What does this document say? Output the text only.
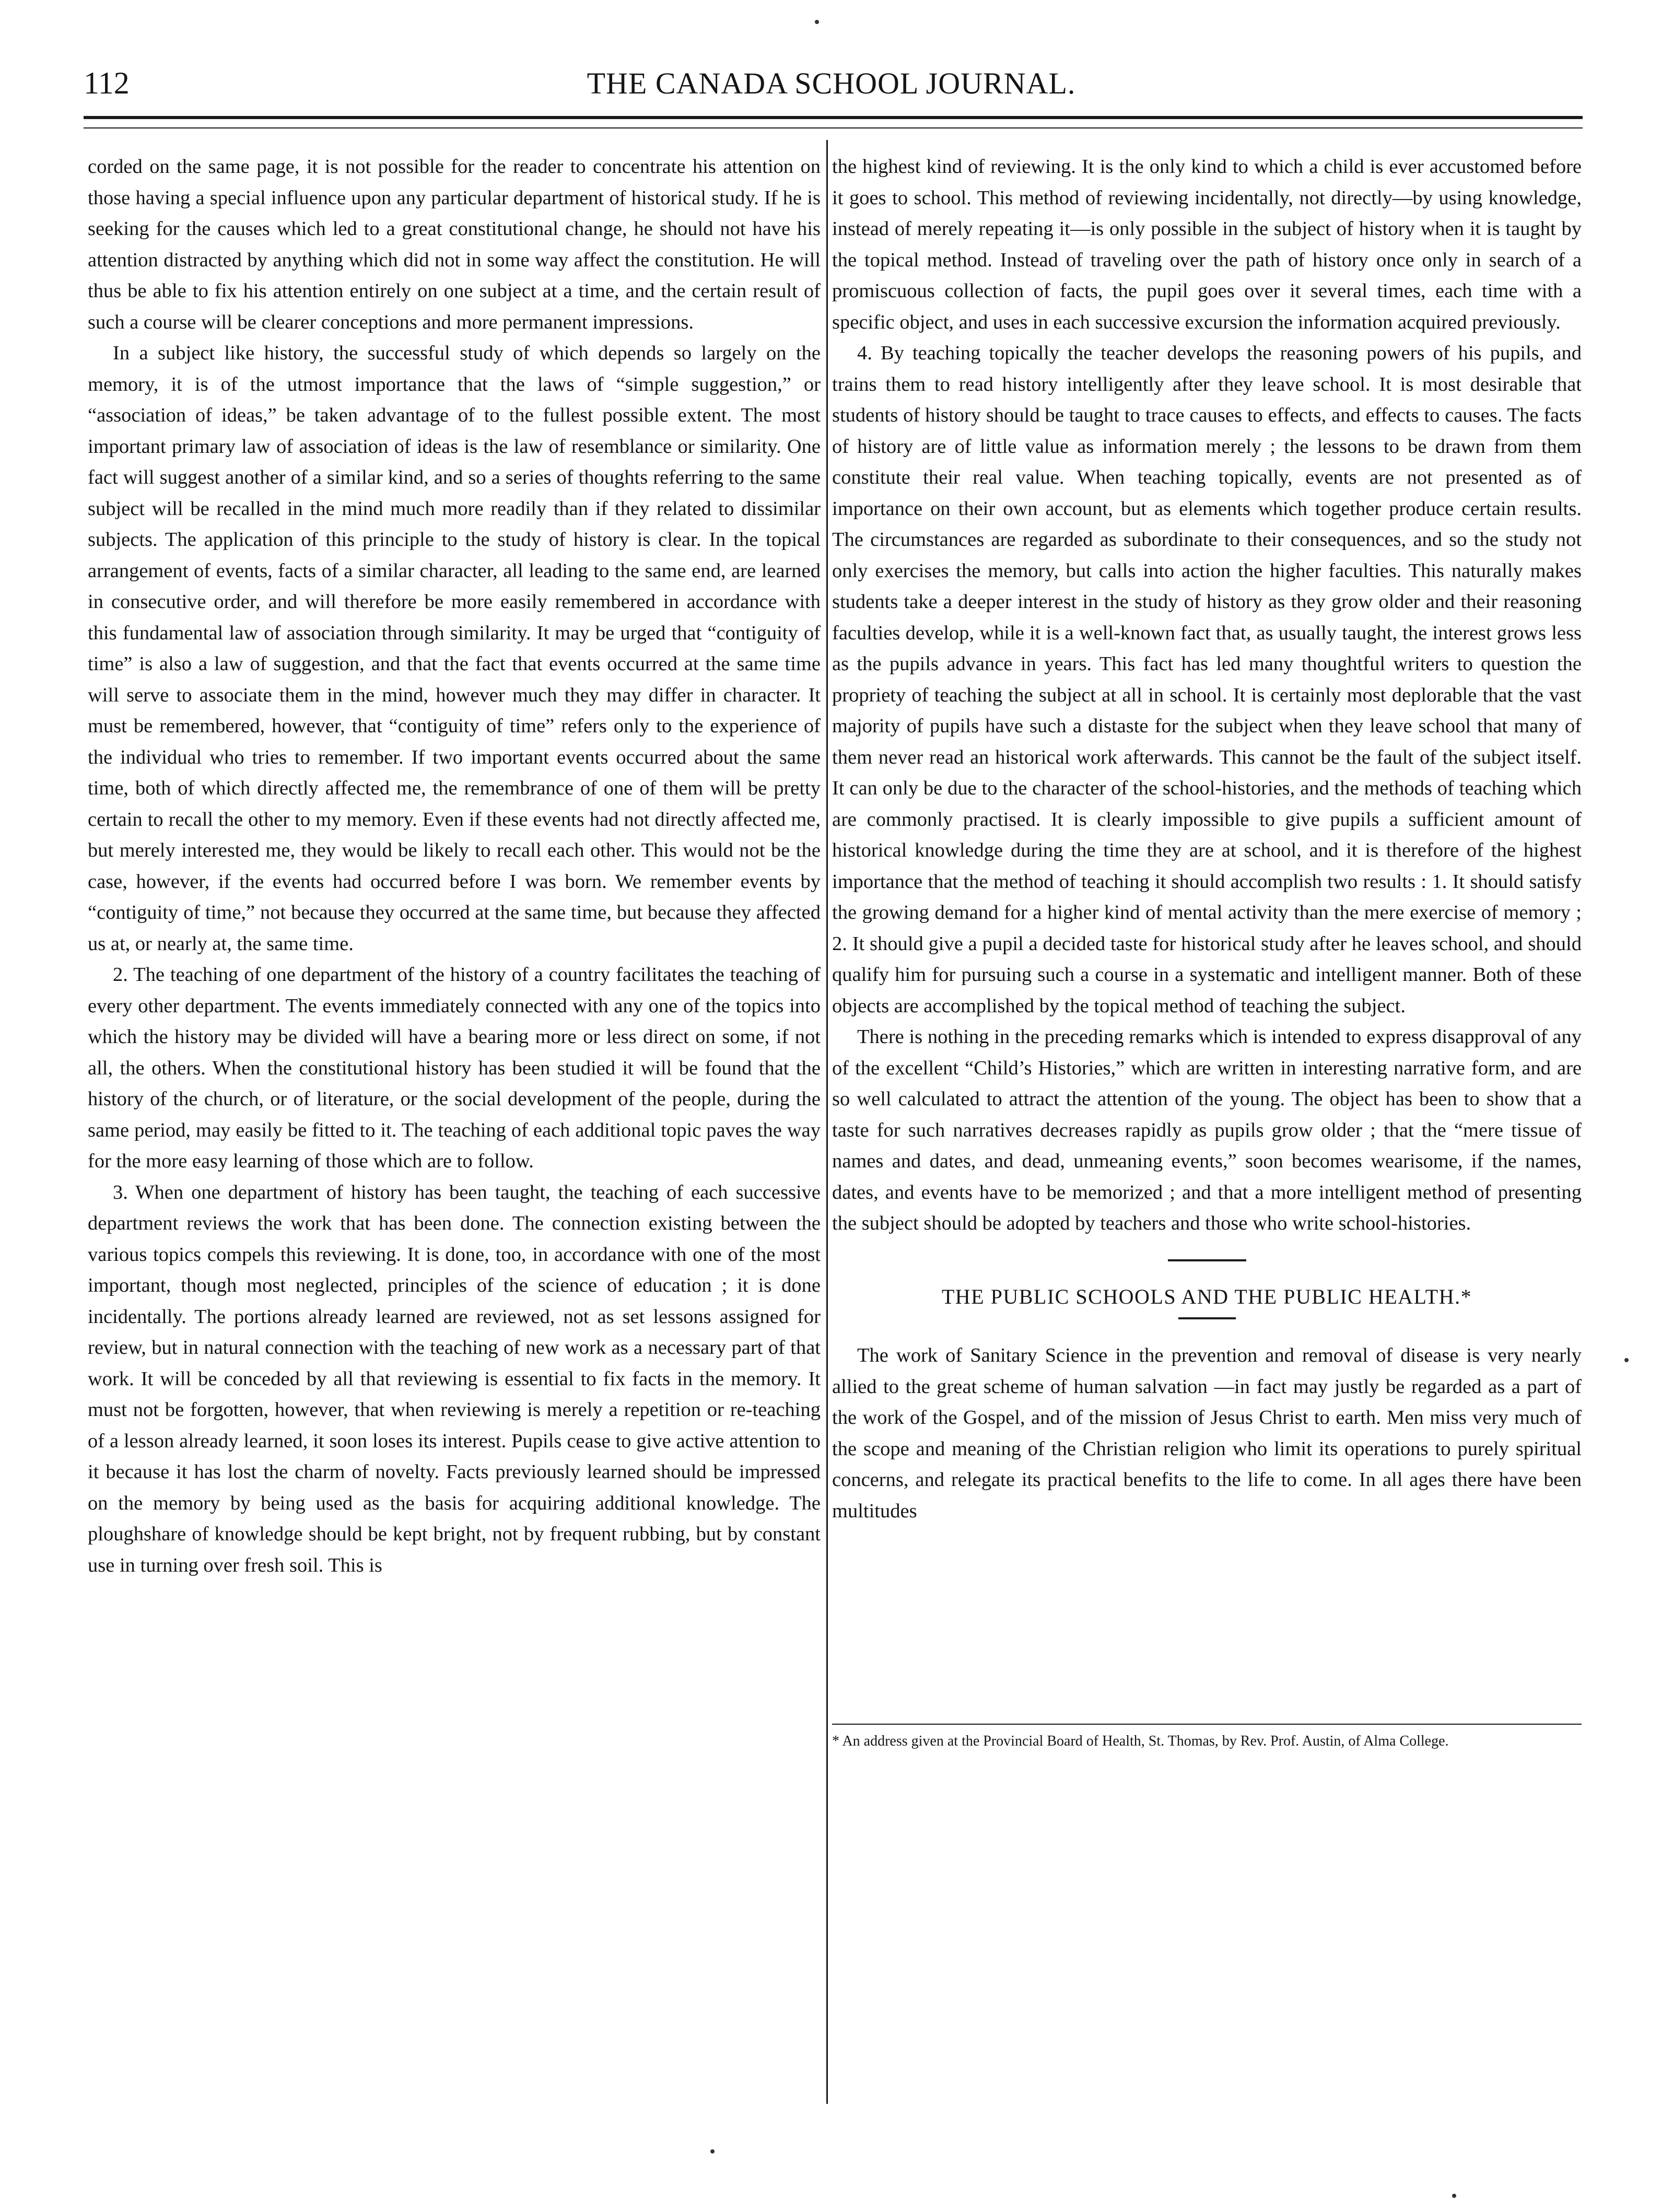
112	THE CANADA SCHOOL JOURNAL.

corded on the same page, it is not possible for the reader to concentrate his attention on those having a special influence upon any particular department of historical study. If he is seeking for the causes which led to a great constitutional change, he should not have his attention distracted by anything which did not in some way affect the constitution. He will thus be able to fix his attention entirely on one subject at a time, and the certain result of such a course will be clearer conceptions and more permanent impressions.

In a subject like history, the successful study of which depends so largely on the memory, it is of the utmost importance that the laws of “simple suggestion,” or “association of ideas,” be taken advantage of to the fullest possible extent. The most important primary law of association of ideas is the law of resemblance or similarity. One fact will suggest another of a similar kind, and so a series of thoughts referring to the same subject will be recalled in the mind much more readily than if they related to dissimilar subjects. The application of this principle to the study of history is clear. In the topical arrangement of events, facts of a similar character, all leading to the same end, are learned in consecutive order, and will therefore be more easily remembered in accordance with this fundamental law of association through similarity. It may be urged that “contiguity of time” is also a law of suggestion, and that the fact that events occurred at the same time will serve to associate them in the mind, however much they may differ in character. It must be remembered, however, that “contiguity of time” refers only to the experience of the individual who tries to remember. If two important events occurred about the same time, both of which directly affected me, the remembrance of one of them will be pretty certain to recall the other to my memory. Even if these events had not directly affected me, but merely interested me, they would be likely to recall each other. This would not be the case, however, if the events had occurred before I was born. We remember events by “contiguity of time,” not because they occurred at the same time, but because they affected us at, or nearly at, the same time.

2. The teaching of one department of the history of a country facilitates the teaching of every other department. The events immediately connected with any one of the topics into which the history may be divided will have a bearing more or less direct on some, if not all, the others. When the constitutional history has been studied it will be found that the history of the church, or of literature, or the social development of the people, during the same period, may easily be fitted to it. The teaching of each additional topic paves the way for the more easy learning of those which are to follow.

3. When one department of history has been taught, the teaching of each successive department reviews the work that has been done. The connection existing between the various topics compels this reviewing. It is done, too, in accordance with one of the most important, though most neglected, principles of the science of education ; it is done incidentally. The portions already learned are reviewed, not as set lessons assigned for review, but in natural connection with the teaching of new work as a necessary part of that work. It will be conceded by all that reviewing is essential to fix facts in the memory. It must not be forgotten, however, that when reviewing is merely a repetition or re-teaching of a lesson already learned, it soon loses its interest. Pupils cease to give active attention to it because it has lost the charm of novelty. Facts previously learned should be impressed on the memory by being used as the basis for acquiring additional knowledge. The ploughshare of knowledge should be kept bright, not by frequent rubbing, but by constant use in turning over fresh soil. This is

the highest kind of reviewing. It is the only kind to which a child is ever accustomed before it goes to school. This method of reviewing incidentally, not directly—by using knowledge, instead of merely repeating it—is only possible in the subject of history when it is taught by the topical method. Instead of traveling over the path of history once only in search of a promiscuous collection of facts, the pupil goes over it several times, each time with a specific object, and uses in each successive excursion the information acquired previously.

4. By teaching topically the teacher develops the reasoning powers of his pupils, and trains them to read history intelligently after they leave school. It is most desirable that students of history should be taught to trace causes to effects, and effects to causes. The facts of history are of little value as information merely ; the lessons to be drawn from them constitute their real value. When teaching topically, events are not presented as of importance on their own account, but as elements which together produce certain results. The circumstances are regarded as subordinate to their consequences, and so the study not only exercises the memory, but calls into action the higher faculties. This naturally makes students take a deeper interest in the study of history as they grow older and their reasoning faculties develop, while it is a well-known fact that, as usually taught, the interest grows less as the pupils advance in years. This fact has led many thoughtful writers to question the propriety of teaching the subject at all in school. It is certainly most deplorable that the vast majority of pupils have such a distaste for the subject when they leave school that many of them never read an historical work afterwards. This cannot be the fault of the subject itself. It can only be due to the character of the school-histories, and the methods of teaching which are commonly practised. It is clearly impossible to give pupils a sufficient amount of historical knowledge during the time they are at school, and it is therefore of the highest importance that the method of teaching it should accomplish two results : 1. It should satisfy the growing demand for a higher kind of mental activity than the mere exercise of memory ; 2. It should give a pupil a decided taste for historical study after he leaves school, and should qualify him for pursuing such a course in a systematic and intelligent manner. Both of these objects are accomplished by the topical method of teaching the subject.

There is nothing in the preceding remarks which is intended to express disapproval of any of the excellent “Child’s Histories,” which are written in interesting narrative form, and are so well calculated to attract the attention of the young. The object has been to show that a taste for such narratives decreases rapidly as pupils grow older ; that the “mere tissue of names and dates, and dead, unmeaning events,” soon becomes wearisome, if the names, dates, and events have to be memorized ; and that a more intelligent method of presenting the subject should be adopted by teachers and those who write school-histories.

THE PUBLIC SCHOOLS AND THE PUBLIC HEALTH.*

The work of Sanitary Science in the prevention and removal of disease is very nearly allied to the great scheme of human salvation —in fact may justly be regarded as a part of the work of the Gospel, and of the mission of Jesus Christ to earth. Men miss very much of the scope and meaning of the Christian religion who limit its operations to purely spiritual concerns, and relegate its practical benefits to the life to come. In all ages there have been multitudes

* An address given at the Provincial Board of Health, St. Thomas, by Rev. Prof. Austin, of Alma College.
